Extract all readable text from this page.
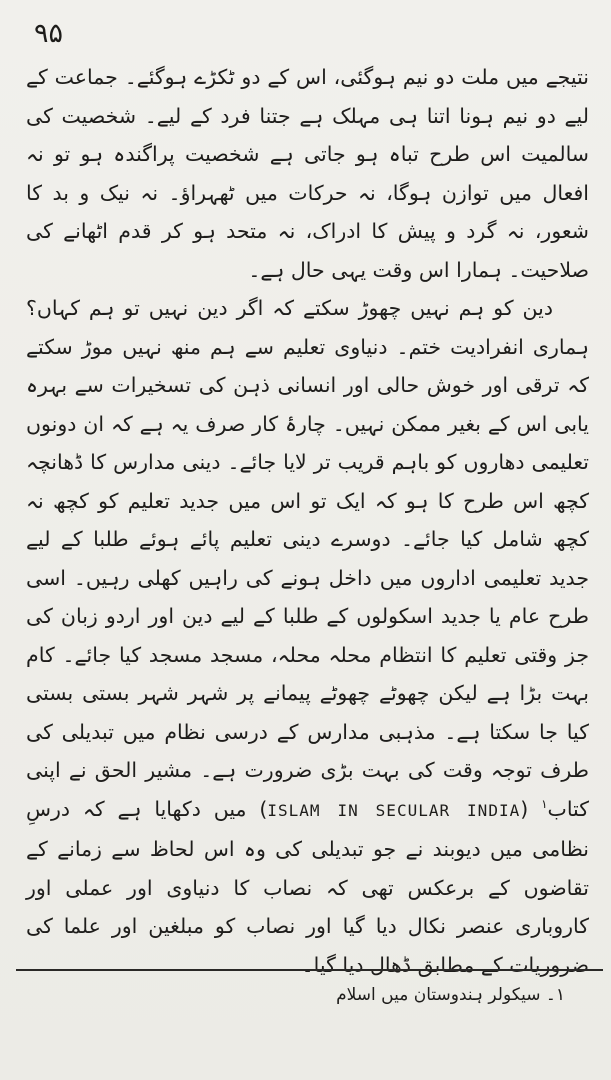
۹۵

نتیجے میں ملت دو نیم ہوگئی، اس کے دو ٹکڑے ہوگئے۔ جماعت کے لیے دو نیم ہونا اتنا ہی مہلک ہے جتنا فرد کے لیے۔ شخصیت کی سالمیت اس طرح تباہ ہو جاتی ہے شخصیت پراگندہ ہو تو نہ افعال میں توازن ہوگا، نہ حرکات میں ٹھہراؤ۔ نہ نیک و بد کا شعور، نہ گرد و پیش کا ادراک، نہ متحد ہو کر قدم اٹھانے کی صلاحیت۔ ہمارا اس وقت یہی حال ہے۔

دین کو ہم نہیں چھوڑ سکتے کہ اگر دین نہیں تو ہم کہاں؟ ہماری انفرادیت ختم۔ دنیاوی تعلیم سے ہم منھ نہیں موڑ سکتے کہ ترقی اور خوش حالی اور انسانی ذہن کی تسخیرات سے بہرہ یابی اس کے بغیر ممکن نہیں۔ چارۂ کار صرف یہ ہے کہ ان دونوں تعلیمی دھاروں کو باہم قریب تر لایا جائے۔ دینی مدارس کا ڈھانچہ کچھ اس طرح کا ہو کہ ایک تو اس میں جدید تعلیم کو کچھ نہ کچھ شامل کیا جائے۔ دوسرے دینی تعلیم پائے ہوئے طلبا کے لیے جدید تعلیمی اداروں میں داخل ہونے کی راہیں کھلی رہیں۔ اسی طرح عام یا جدید اسکولوں کے طلبا کے لیے دین اور اردو زبان کی جز وقتی تعلیم کا انتظام محلہ محلہ، مسجد مسجد کیا جائے۔ کام بہت بڑا ہے لیکن چھوٹے چھوٹے پیمانے پر شہر شہر بستی بستی کیا جا سکتا ہے۔ مذہبی مدارس کے درسی نظام میں تبدیلی کی طرف توجہ وقت کی بہت بڑی ضرورت ہے۔ مشیر الحق نے اپنی کتاب$^۱$ (ISLAM IN SECULAR INDIA) میں دکھایا ہے کہ درسِ نظامی میں دیوبند نے جو تبدیلی کی وہ اس لحاظ سے زمانے کے تقاضوں کے برعکس تھی کہ نصاب کا دنیاوی اور عملی اور کاروباری عنصر نکال دیا گیا اور نصاب کو مبلغین اور علما کی ضروریات کے مطابق ڈھال دیا گیا۔

۱۔ سیکولر ہندوستان میں اسلام
